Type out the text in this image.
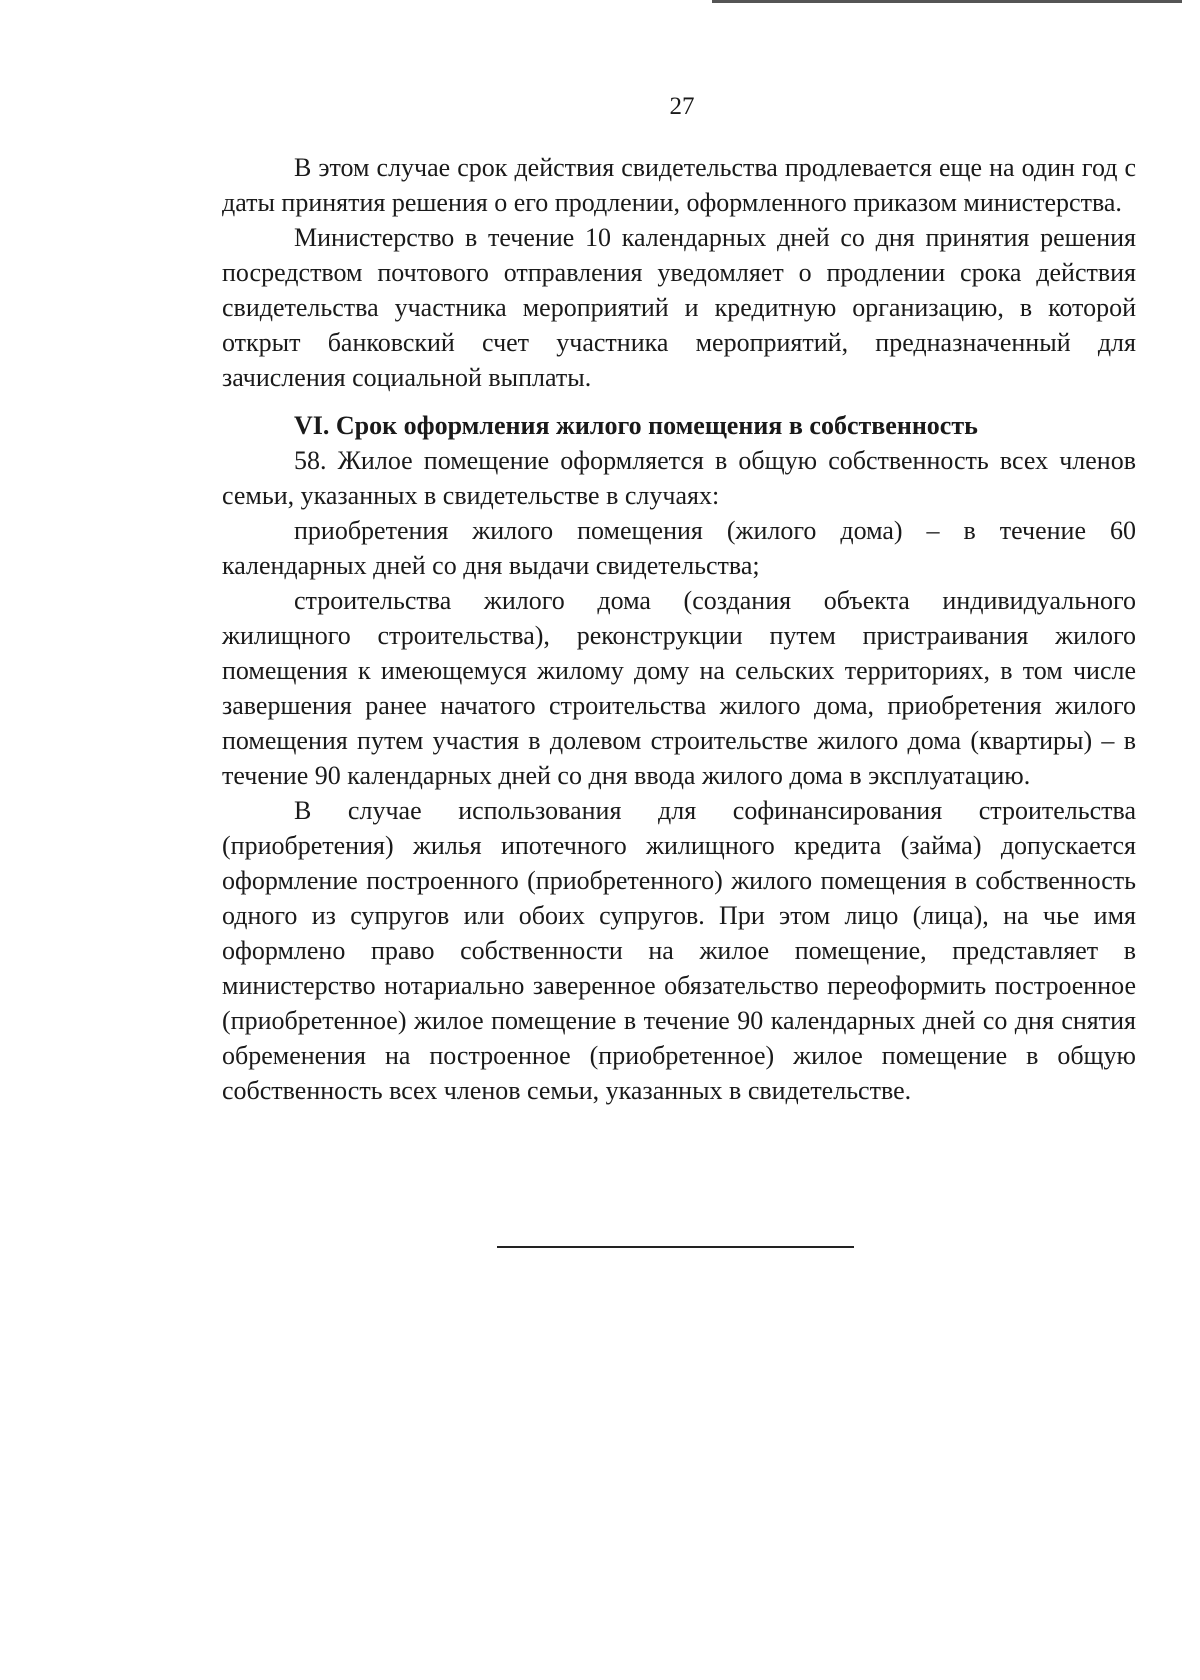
27

В этом случае срок действия свидетельства продлевается еще на один год с даты принятия решения о его продлении, оформленного приказом министерства.

Министерство в течение 10 календарных дней со дня принятия решения посредством почтового отправления уведомляет о продлении срока действия свидетельства участника мероприятий и кредитную организацию, в которой открыт банковский счет участника мероприятий, предназначенный для зачисления социальной выплаты.

VI. Срок оформления жилого помещения в собственность

58. Жилое помещение оформляется в общую собственность всех членов семьи, указанных в свидетельстве в случаях:

приобретения жилого помещения (жилого дома) – в течение 60 календарных дней со дня выдачи свидетельства;

строительства жилого дома (создания объекта индивидуального жилищного строительства), реконструкции путем пристраивания жилого помещения к имеющемуся жилому дому на сельских территориях, в том числе завершения ранее начатого строительства жилого дома, приобретения жилого помещения путем участия в долевом строительстве жилого дома (квартиры) – в течение 90 календарных дней со дня ввода жилого дома в эксплуатацию.

В случае использования для софинансирования строительства (приобретения) жилья ипотечного жилищного кредита (займа) допускается оформление построенного (приобретенного) жилого помещения в собственность одного из супругов или обоих супругов. При этом лицо (лица), на чье имя оформлено право собственности на жилое помещение, представляет в министерство нотариально заверенное обязательство переоформить построенное (приобретенное) жилое помещение в течение 90 календарных дней со дня снятия обременения на построенное (приобретенное) жилое помещение в общую собственность всех членов семьи, указанных в свидетельстве.
